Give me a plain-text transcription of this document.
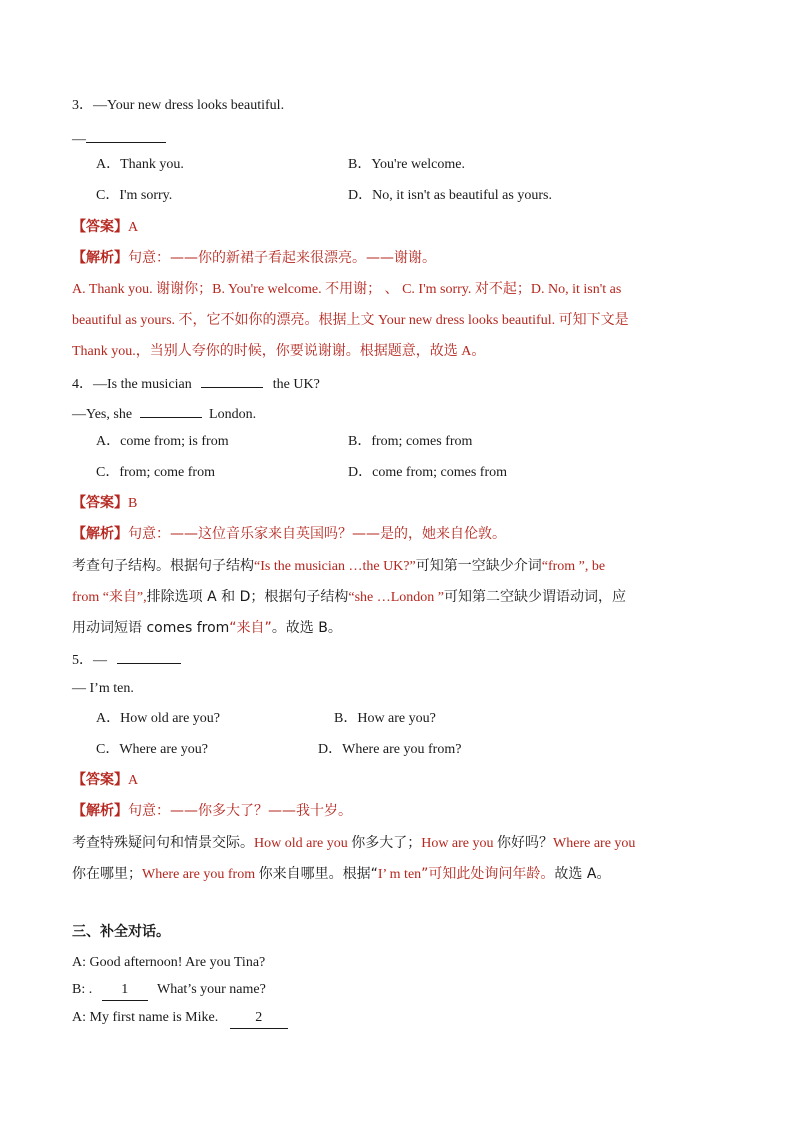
3．—Your new dress looks beautiful.
—
A．Thank you.	B．You're welcome.
C．I'm sorry.	D．No, it isn't as beautiful as yours.
【答案】A
【解析】句意：——你的新裙子看起来很漂亮。——谢谢。
A. Thank you. 谢谢你；B. You're welcome. 不用谢； 、 C. I'm sorry. 对不起；D. No, it isn't as
beautiful as yours. 不，它不如你的漂亮。根据上文 Your new dress looks beautiful. 可知下文是
Thank you.，当别人夸你的时候，你要说谢谢。根据题意，故选 A。
4．—Is the musician	the UK?
—Yes, she	London.
A．come from; is from	B．from; comes from
C．from; come from	D．come from; comes from
【答案】B
【解析】句意：——这位音乐家来自英国吗？——是的，她来自伦敦。
考查句子结构。根据句子结构“Is the musician …the UK?”可知第一空缺少介词“from ”, be
from “来自”,排除选项 A 和 D；根据句子结构“she …London ”可知第二空缺少谓语动词，应
用动词短语 comes from“来自”。故选 B。
5．—
— I’m ten.
A．How old are you?	B．How are you?
C．Where are you?	D．Where are you from?
【答案】A
【解析】句意：——你多大了？——我十岁。
考查特殊疑问句和情景交际。How old are you 你多大了；How are you 你好吗？Where are you
你在哪里；Where are you from 你来自哪里。根据“I’ m ten”可知此处询问年龄。故选 A。
三、补全对话。
A: Good afternoon! Are you Tina?
B: . 1 What’s your name?
A: My first name is Mike.	2
